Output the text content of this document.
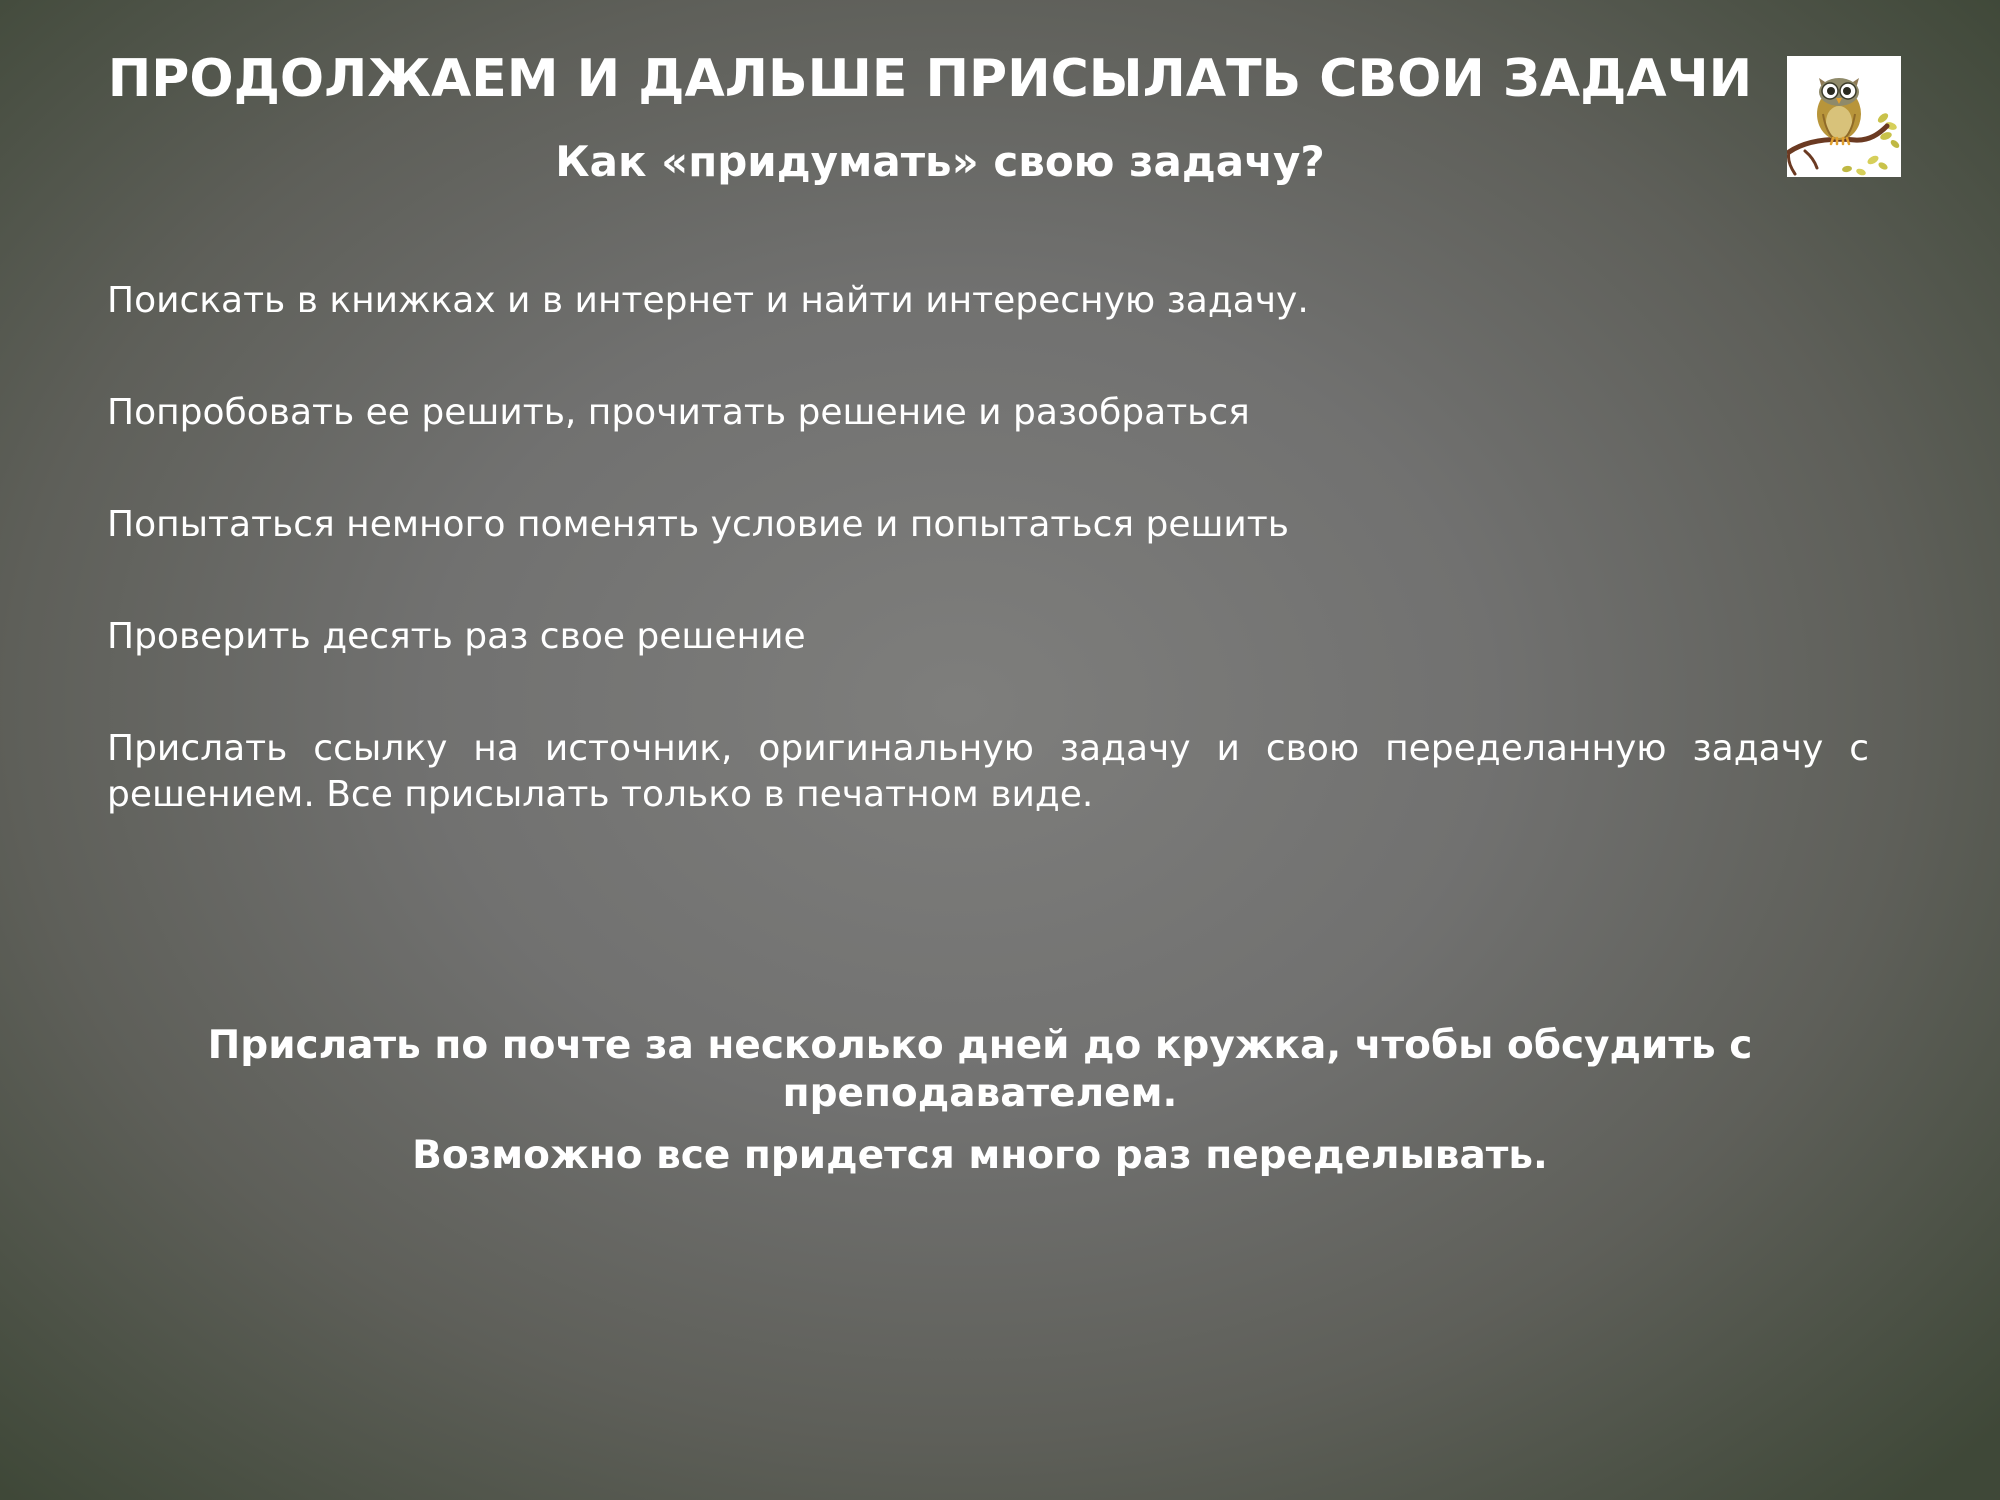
ПРОДОЛЖАЕМ И ДАЛЬШЕ ПРИСЫЛАТЬ СВОИ ЗАДАЧИ
Как «придумать» свою задачу?
Поискать в книжках и в интернет и найти интересную задачу.
Попробовать ее решить, прочитать решение и разобраться
Попытаться немного поменять условие и попытаться решить
Проверить десять раз свое решение
Прислать ссылку на источник, оригинальную задачу и свою переделанную задачу с решением. Все присылать только в печатном виде.
Прислать по почте за несколько дней до кружка, чтобы обсудить с преподавателем.
Возможно все придется много раз переделывать.
